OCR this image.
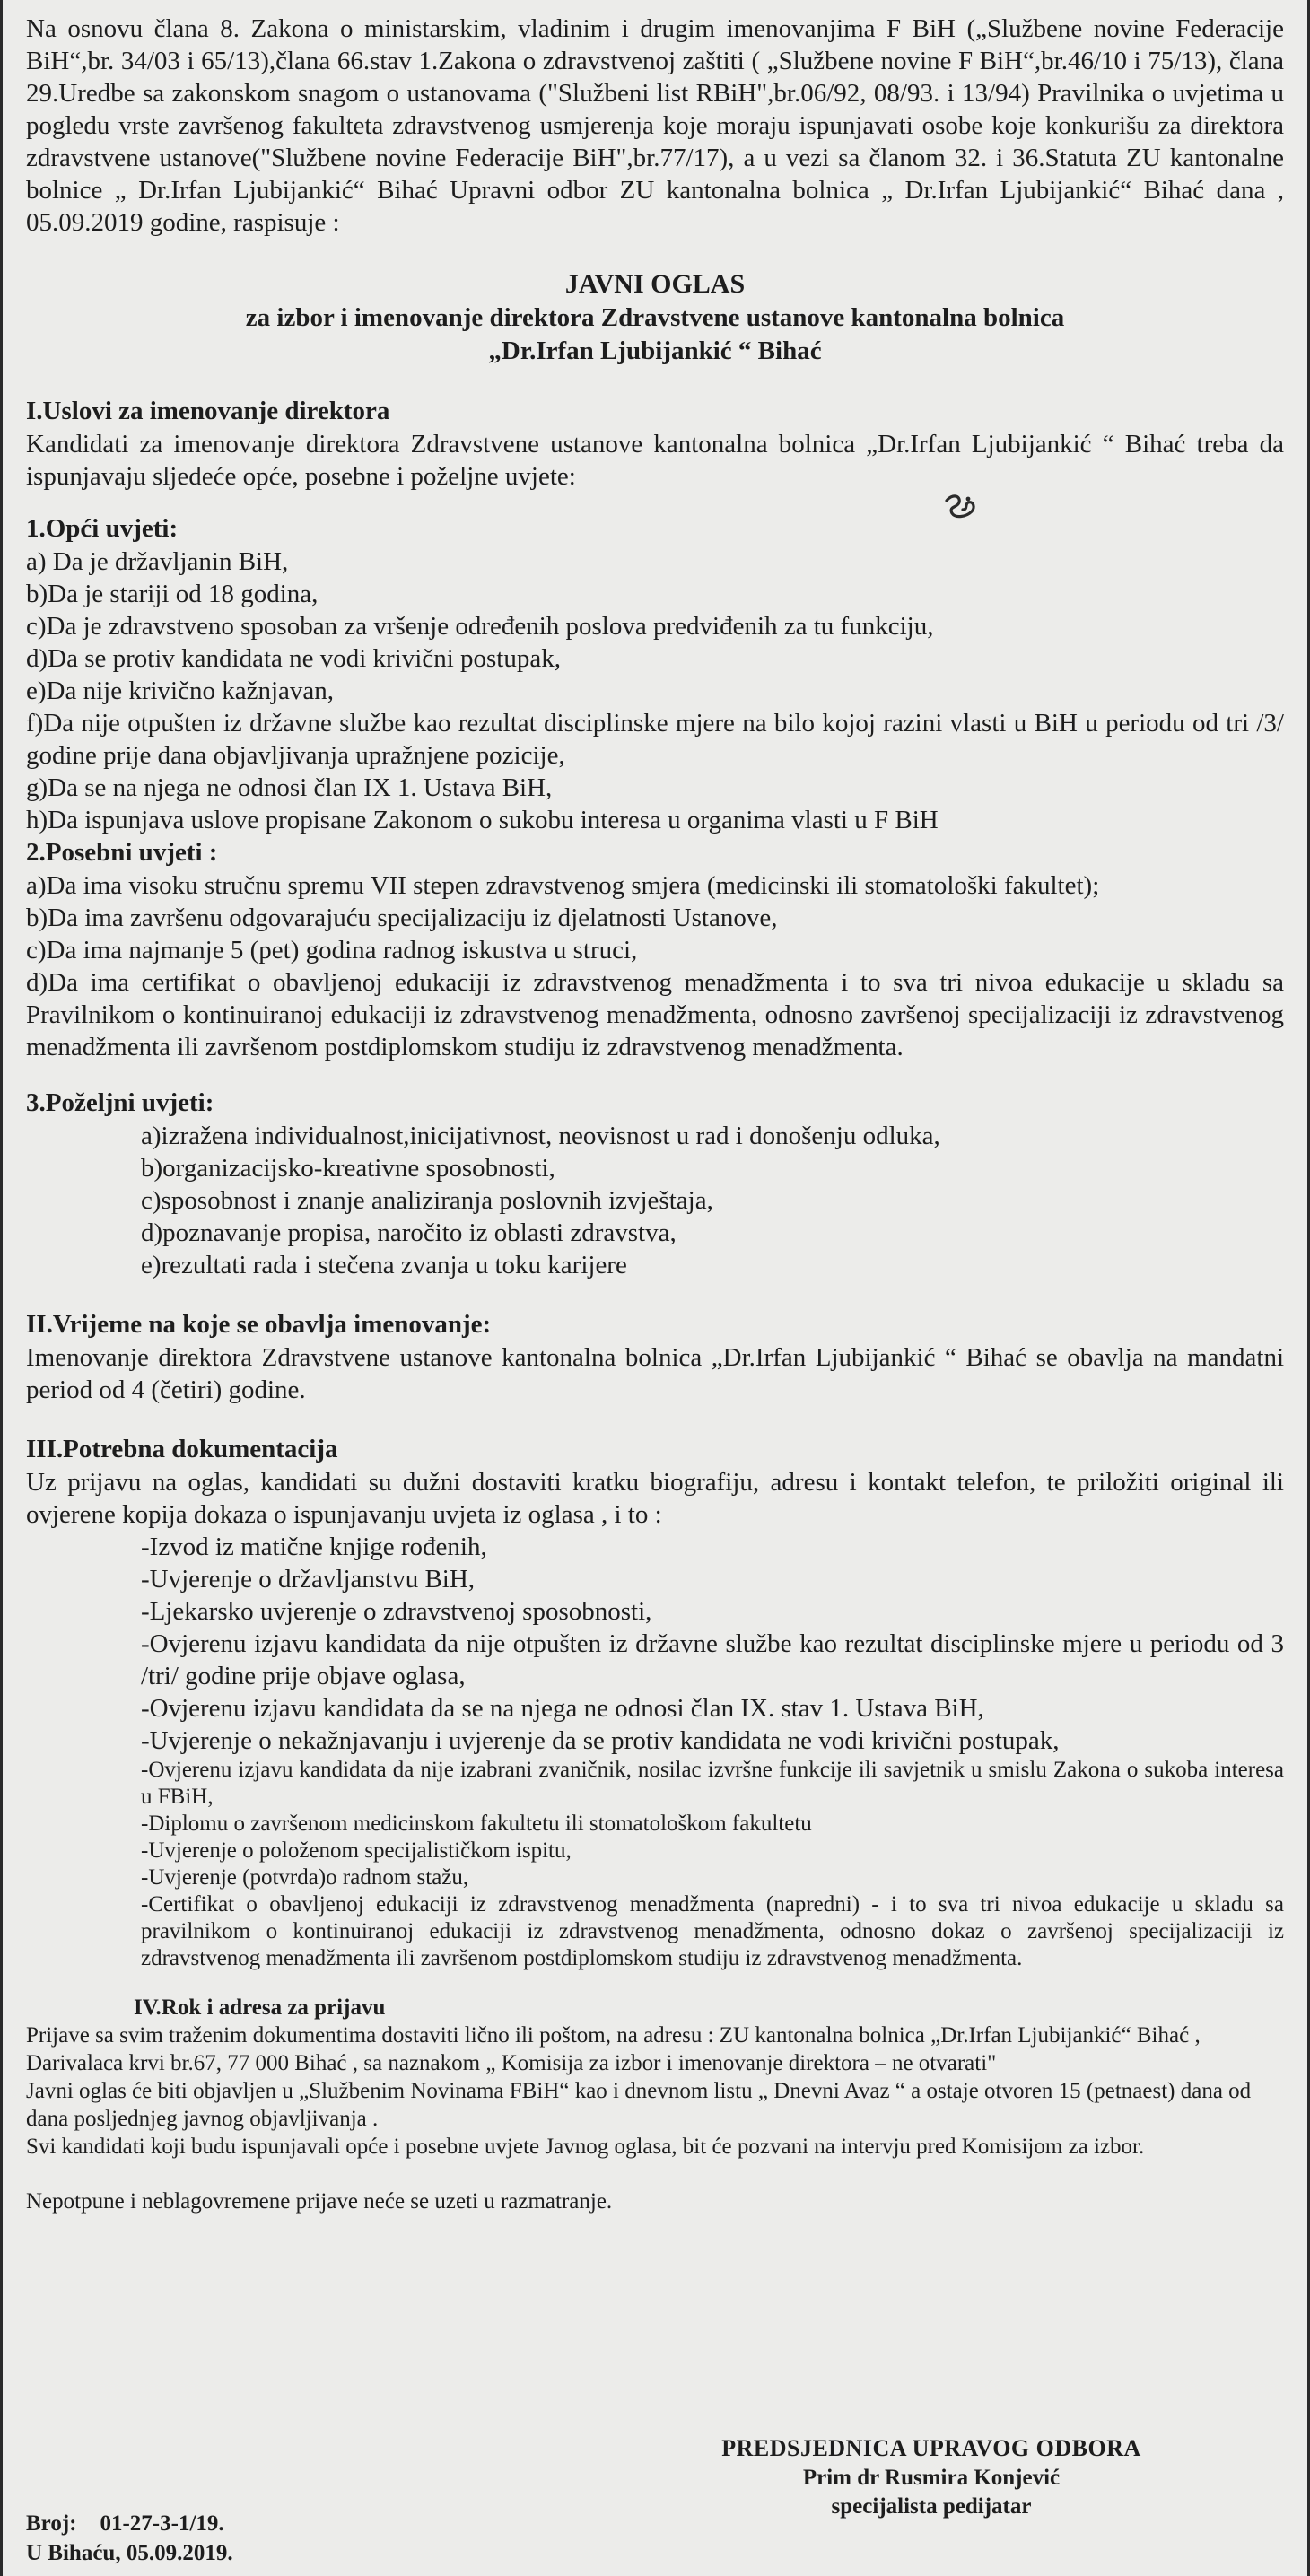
Na osnovu člana 8. Zakona o ministarskim, vladinim i drugim imenovanjima F BiH („Službene novine Federacije BiH“,br. 34/03 i 65/13),člana 66.stav 1.Zakona o zdravstvenoj zaštiti ( „Službene novine F BiH“,br.46/10 i 75/13), člana 29.Uredbe sa zakonskom snagom o ustanovama ("Službeni list RBiH",br.06/92, 08/93. i 13/94) Pravilnika o uvjetima u pogledu vrste završenog fakulteta zdravstvenog usmjerenja koje moraju ispunjavati osobe koje konkurišu za direktora zdravstvene ustanove("Službene novine Federacije BiH",br.77/17), a u vezi sa članom 32. i 36.Statuta ZU kantonalne bolnice „ Dr.Irfan Ljubijankić“ Bihać Upravni odbor ZU kantonalna bolnica „ Dr.Irfan Ljubijankić“ Bihać dana , 05.09.2019 godine, raspisuje :

JAVNI OGLAS
za izbor i imenovanje direktora Zdravstvene ustanove kantonalna bolnica
„Dr.Irfan Ljubijankić “ Bihać
I.Uslovi za imenovanje direktora

Kandidati za imenovanje direktora Zdravstvene ustanove kantonalna bolnica „Dr.Irfan Ljubijankić “ Bihać treba da ispunjavaju sljedeće opće, posebne i poželjne uvjete:

1.Opći uvjeti:
a) Da je državljanin BiH,
b)Da je stariji od 18 godina,
c)Da je zdravstveno sposoban za vršenje određenih poslova predviđenih za tu funkciju,
d)Da se protiv kandidata ne vodi krivični postupak,
e)Da nije krivično kažnjavan,
f)Da nije otpušten iz državne službe kao rezultat disciplinske mjere na bilo kojoj razini vlasti u BiH u periodu od tri /3/ godine prije dana objavljivanja upražnjene pozicije,
g)Da se na njega ne odnosi član IX 1. Ustava BiH,
h)Da ispunjava uslove propisane Zakonom o sukobu interesa u organima vlasti u F BiH
2.Posebni uvjeti :
a)Da ima visoku stručnu spremu VII stepen zdravstvenog smjera (medicinski ili stomatološki fakultet);
b)Da ima završenu odgovarajuću specijalizaciju iz djelatnosti Ustanove,
c)Da ima najmanje 5 (pet) godina radnog iskustva u struci,
d)Da ima certifikat o obavljenoj edukaciji iz zdravstvenog menadžmenta i to sva tri nivoa edukacije u skladu sa Pravilnikom o kontinuiranoj edukaciji iz zdravstvenog menadžmenta, odnosno završenoj specijalizaciji iz zdravstvenog menadžmenta ili završenom postdiplomskom studiju iz zdravstvenog menadžmenta.
3.Poželjni uvjeti:
a)izražena individualnost,inicijativnost, neovisnost u rad i donošenju odluka,
b)organizacijsko-kreativne sposobnosti,
c)sposobnost i znanje analiziranja poslovnih izvještaja,
d)poznavanje propisa, naročito iz oblasti zdravstva,
e)rezultati rada i stečena zvanja u toku karijere
II.Vrijeme na koje se obavlja imenovanje:

Imenovanje direktora Zdravstvene ustanove kantonalna bolnica „Dr.Irfan Ljubijankić “ Bihać se obavlja na mandatni period od 4 (četiri) godine.

III.Potrebna dokumentacija

Uz prijavu na oglas, kandidati su dužni dostaviti kratku biografiju, adresu i kontakt telefon, te priložiti original ili ovjerene kopija dokaza o ispunjavanju uvjeta iz oglasa , i to :

-Izvod iz matične knjige rođenih,
-Uvjerenje o državljanstvu BiH,
-Ljekarsko uvjerenje o zdravstvenoj sposobnosti,
-Ovjerenu izjavu kandidata da nije otpušten iz državne službe kao rezultat disciplinske mjere u periodu od 3 /tri/ godine prije objave oglasa,
-Ovjerenu izjavu kandidata da se na njega ne odnosi član IX. stav 1. Ustava BiH,
-Uvjerenje o nekažnjavanju i uvjerenje da se protiv kandidata ne vodi krivični postupak,
-Ovjerenu izjavu kandidata da nije izabrani zvaničnik, nosilac izvršne funkcije ili savjetnik u smislu Zakona o sukoba interesa u FBiH,
-Diplomu o završenom medicinskom fakultetu ili stomatološkom fakultetu
-Uvjerenje o položenom specijalističkom ispitu,
-Uvjerenje (potvrda)o radnom stažu,
-Certifikat o obavljenoj edukaciji iz zdravstvenog menadžmenta (napredni) - i to sva tri nivoa edukacije u skladu sa pravilnikom o kontinuiranoj edukaciji iz zdravstvenog menadžmenta, odnosno dokaz o završenoj specijalizaciji iz zdravstvenog menadžmenta ili završenom postdiplomskom studiju iz zdravstvenog menadžmenta.
IV.Rok i adresa za prijavu

Prijave sa svim traženim dokumentima dostaviti lično ili poštom, na adresu : ZU kantonalna bolnica „Dr.Irfan Ljubijankić“ Bihać , Darivalaca krvi br.67, 77 000 Bihać , sa naznakom „ Komisija za izbor i imenovanje direktora – ne otvarati"

Javni oglas će biti objavljen u „Službenim Novinama FBiH“ kao i dnevnom listu „ Dnevni Avaz “ a ostaje otvoren 15 (petnaest) dana od dana posljednjeg javnog objavljivanja .

Svi kandidati koji budu ispunjavali opće i posebne uvjete Javnog oglasa, bit će pozvani na intervju pred Komisijom za izbor.

Nepotpune i neblagovremene prijave neće se uzeti u razmatranje.

PREDSJEDNICA UPRAVOG ODBORA
Prim dr Rusmira Konjević
specijalista pedijatar
Broj: 01-27-3-1/19.
U Bihaću, 05.09.2019.
